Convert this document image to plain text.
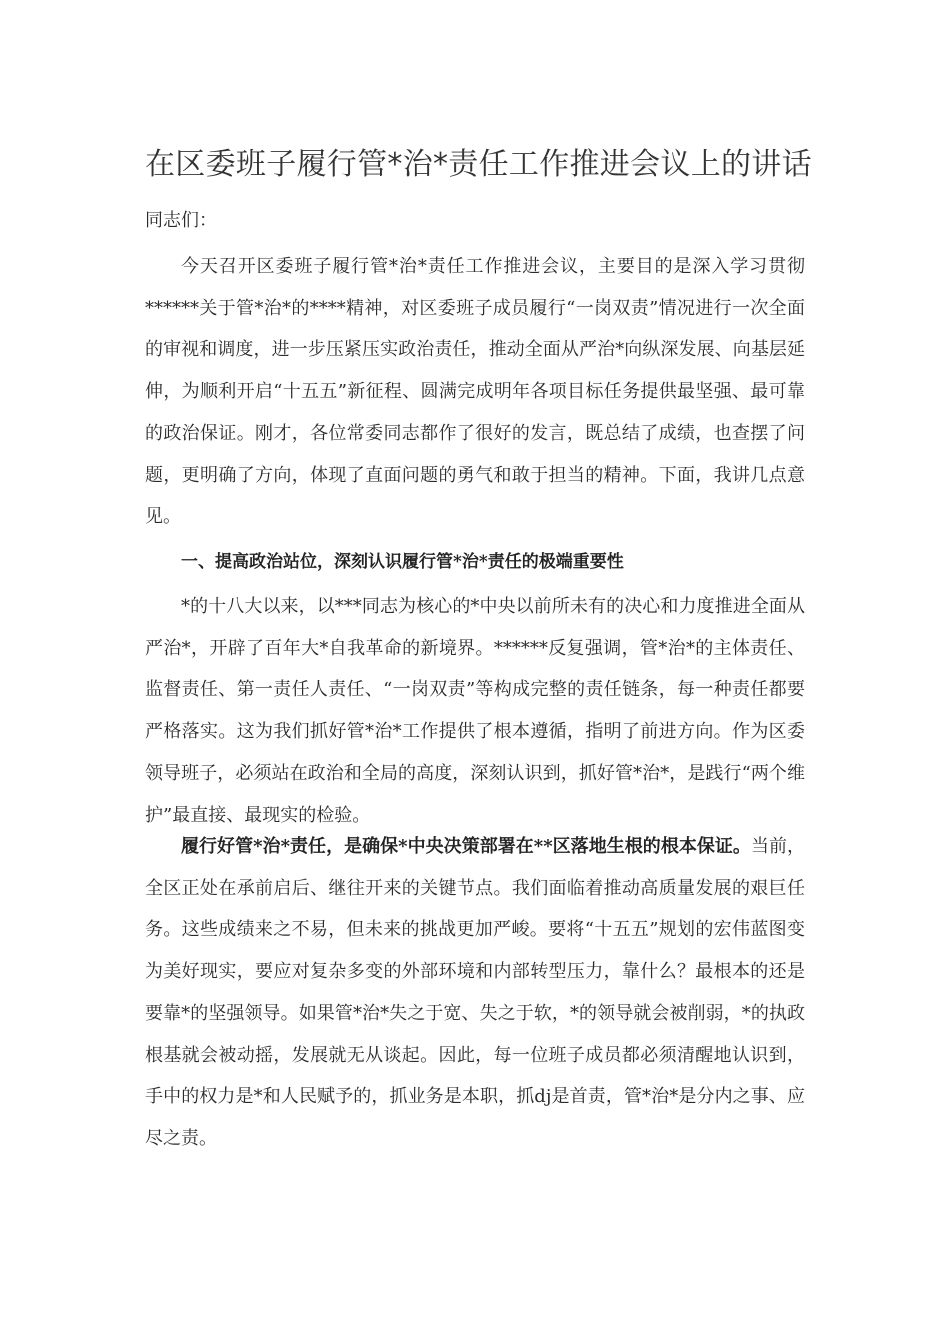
在区委班子履行管*治*责任工作推进会议上的讲话
同志们：

今天召开区委班子履行管*治*责任工作推进会议，主要目的是深入学习贯彻******关于管*治*的****精神，对区委班子成员履行“一岗双责”情况进行一次全面的审视和调度，进一步压紧压实政治责任，推动全面从严治*向纵深发展、向基层延伸，为顺利开启“十五五”新征程、圆满完成明年各项目标任务提供最坚强、最可靠的政治保证。刚才，各位常委同志都作了很好的发言，既总结了成绩，也查摆了问题，更明确了方向，体现了直面问题的勇气和敢于担当的精神。下面，我讲几点意见。

一、提高政治站位，深刻认识履行管*治*责任的极端重要性

*的十八大以来，以***同志为核心的*中央以前所未有的决心和力度推进全面从严治*，开辟了百年大*自我革命的新境界。******反复强调，管*治*的主体责任、监督责任、第一责任人责任、“一岗双责”等构成完整的责任链条，每一种责任都要严格落实。这为我们抓好管*治*工作提供了根本遵循，指明了前进方向。作为区委领导班子，必须站在政治和全局的高度，深刻认识到，抓好管*治*，是践行“两个维护”最直接、最现实的检验。

履行好管*治*责任，是确保*中央决策部署在**区落地生根的根本保证。当前，全区正处在承前启后、继往开来的关键节点。我们面临着推动高质量发展的艰巨任务。这些成绩来之不易，但未来的挑战更加严峻。要将“十五五”规划的宏伟蓝图变为美好现实，要应对复杂多变的外部环境和内部转型压力，靠什么？最根本的还是要靠*的坚强领导。如果管*治*失之于宽、失之于软，*的领导就会被削弱，*的执政根基就会被动摇，发展就无从谈起。因此，每一位班子成员都必须清醒地认识到，手中的权力是*和人民赋予的，抓业务是本职，抓dj是首责，管*治*是分内之事、应尽之责。
